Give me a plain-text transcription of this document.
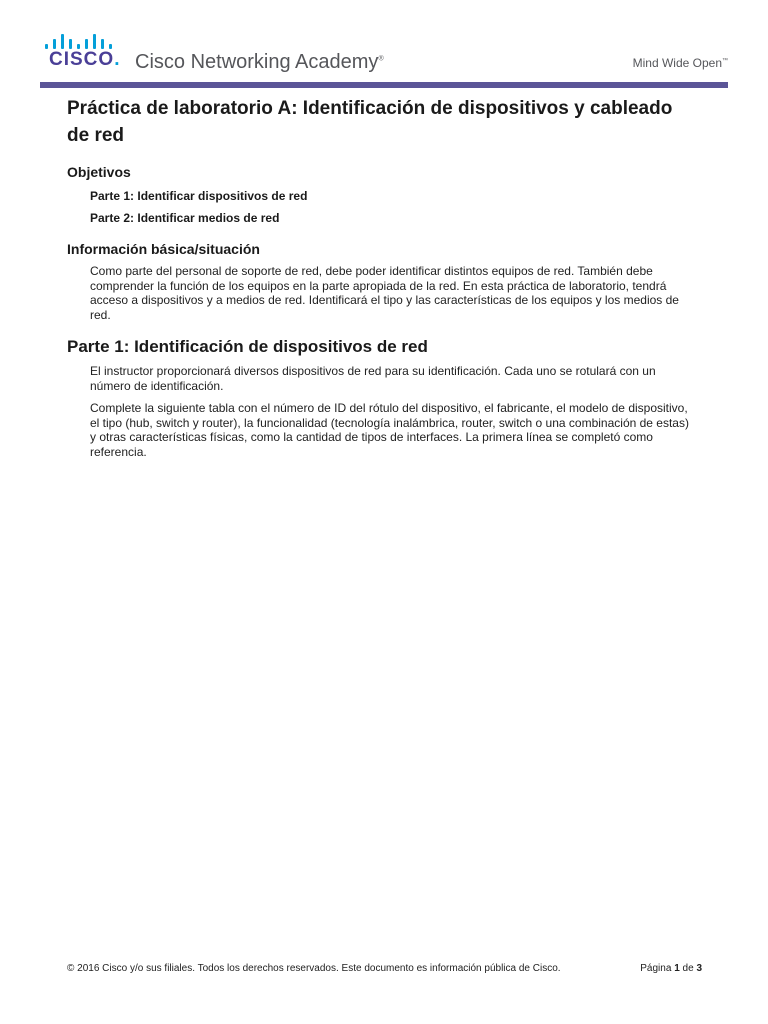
CISCO. Cisco Networking Academy®	Mind Wide Open™

Práctica de laboratorio A: Identificación de dispositivos y cableado de red
Objetivos

Parte 1: Identificar dispositivos de red

Parte 2: Identificar medios de red

Información básica/situación

Como parte del personal de soporte de red, debe poder identificar distintos equipos de red. También debe comprender la función de los equipos en la parte apropiada de la red. En esta práctica de laboratorio, tendrá acceso a dispositivos y a medios de red. Identificará el tipo y las características de los equipos y los medios de red.

Parte 1: Identificación de dispositivos de red

El instructor proporcionará diversos dispositivos de red para su identificación. Cada uno se rotulará con un número de identificación.

Complete la siguiente tabla con el número de ID del rótulo del dispositivo, el fabricante, el modelo de dispositivo, el tipo (hub, switch y router), la funcionalidad (tecnología inalámbrica, router, switch o una combinación de estas) y otras características físicas, como la cantidad de tipos de interfaces. La primera línea se completó como referencia.

© 2016 Cisco y/o sus filiales. Todos los derechos reservados. Este documento es información pública de Cisco.	Página 1 de 3
